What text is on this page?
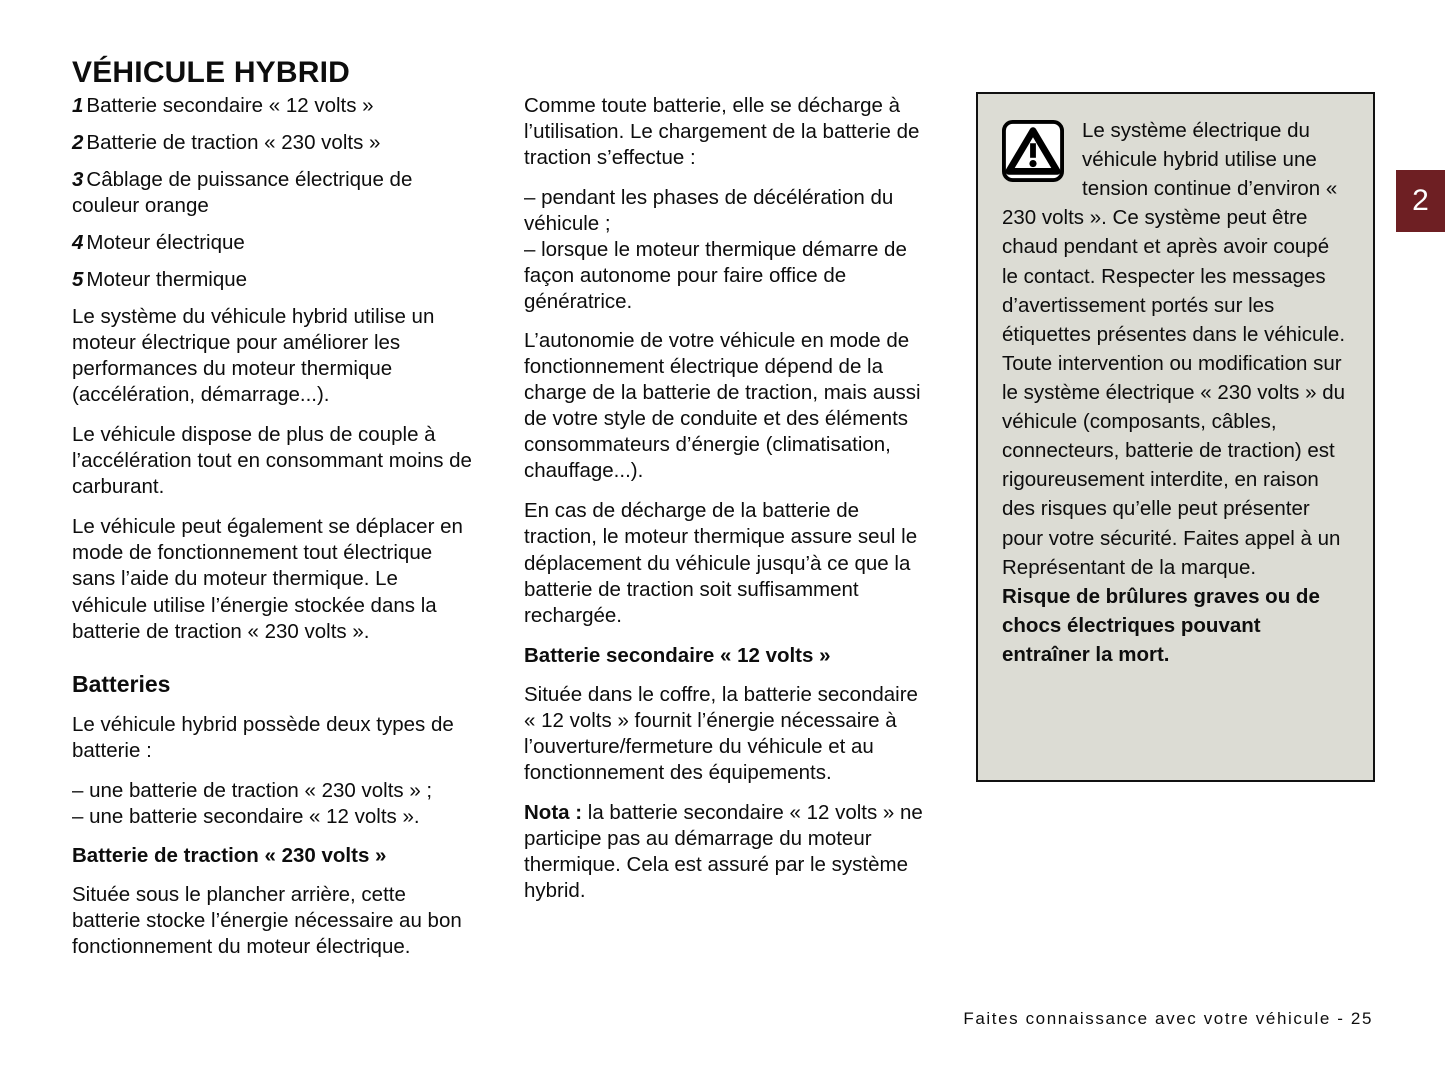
VÉHICULE HYBRID

1 Batterie secondaire « 12 volts »

2 Batterie de traction « 230 volts »

3 Câblage de puissance électrique de couleur orange

4 Moteur électrique

5 Moteur thermique

Le système du véhicule hybrid utilise un moteur électrique pour améliorer les performances du moteur thermique (accélération, démarrage...).

Le véhicule dispose de plus de couple à l’accélération tout en consommant moins de carburant.

Le véhicule peut également se déplacer en mode de fonctionnement tout électrique sans l’aide du moteur thermique. Le véhicule utilise l’énergie stockée dans la batterie de traction « 230 volts ».

Batteries

Le véhicule hybrid possède deux types de batterie :

– une batterie de traction « 230 volts » ;

– une batterie secondaire « 12 volts ».

Batterie de traction « 230 volts »

Située sous le plancher arrière, cette batterie stocke l’énergie nécessaire au bon fonctionnement du moteur électrique.

Comme toute batterie, elle se décharge à l’utilisation. Le chargement de la batterie de traction s’effectue :

– pendant les phases de décélération du véhicule ;

– lorsque le moteur thermique démarre de façon autonome pour faire office de génératrice.

L’autonomie de votre véhicule en mode de fonctionnement électrique dépend de la charge de la batterie de traction, mais aussi de votre style de conduite et des éléments consommateurs d’énergie (climatisation, chauffage...).

En cas de décharge de la batterie de traction, le moteur thermique assure seul le déplacement du véhicule jusqu’à ce que la batterie de traction soit suffisamment rechargée.

Batterie secondaire « 12 volts »

Située dans le coffre, la batterie secondaire « 12 volts » fournit l’énergie nécessaire à l’ouverture/fermeture du véhicule et au fonctionnement des équipements.

Nota : la batterie secondaire « 12 volts » ne participe pas au démarrage du moteur thermique. Cela est assuré par le système hybrid.

Le système électrique du véhicule hybrid utilise une tension continue d’environ « 230 volts ». Ce système peut être chaud pendant et après avoir coupé le contact. Respecter les messages d’avertissement portés sur les étiquettes présentes dans le véhicule.

Toute intervention ou modification sur le système électrique « 230 volts » du véhicule (composants, câbles, connecteurs, batterie de traction) est rigoureusement interdite, en raison des risques qu’elle peut présenter pour votre sécurité. Faites appel à un Représentant de la marque.

Risque de brûlures graves ou de chocs électriques pouvant entraîner la mort.

2
Faites connaissance avec votre véhicule - 25
